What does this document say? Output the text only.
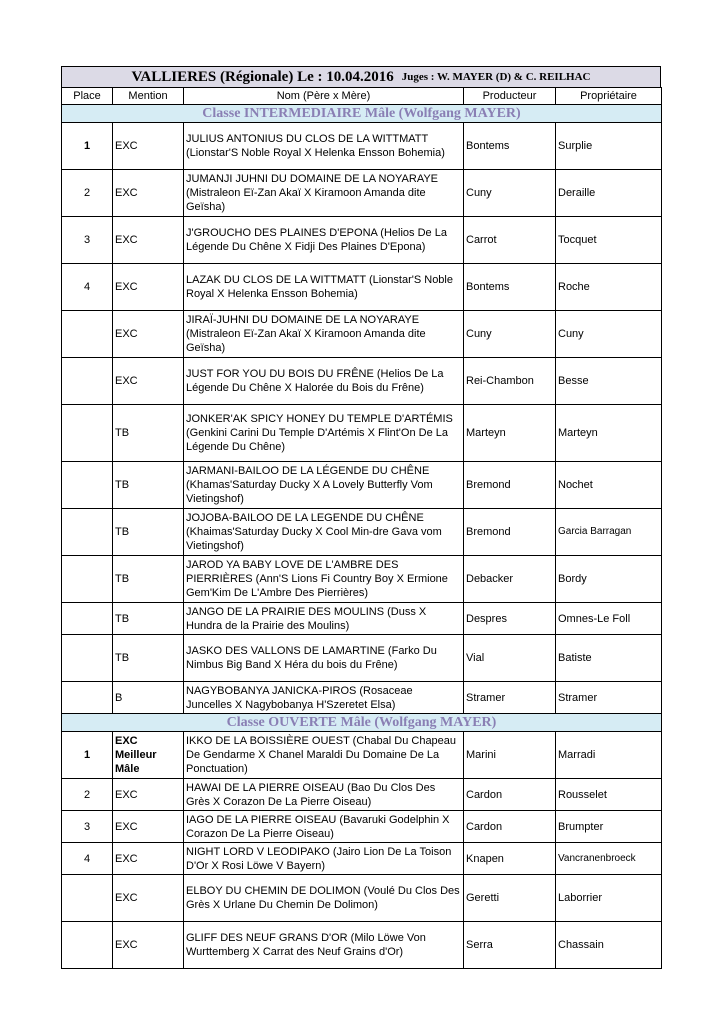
VALLIERES (Régionale) Le : 10.04.2016 Juges : W. MAYER (D) & C. REILHAC
Place	Mention	Nom (Père x Mère)	Producteur	Propriétaire
Classe INTERMEDIAIRE Mâle (Wolfgang MAYER)				
1	EXC	JULIUS ANTONIUS DU CLOS DE LA WITTMATT (Lionstar'S Noble Royal X Helenka Ensson Bohemia)	Bontems	Surplie
2	EXC	JUMANJI JUHNI DU DOMAINE DE LA NOYARAYE (Mistraleon Eï-Zan Akaï X Kiramoon Amanda dite Geïsha)	Cuny	Deraille
3	EXC	J'GROUCHO DES PLAINES D'EPONA (Helios De La Légende Du Chêne X Fidji Des Plaines D'Epona)	Carrot	Tocquet
4	EXC	LAZAK DU CLOS DE LA WITTMATT (Lionstar'S Noble Royal X Helenka Ensson Bohemia)	Bontems	Roche
	EXC	JIRAÏ-JUHNI DU DOMAINE DE LA NOYARAYE (Mistraleon Eï-Zan Akaï X Kiramoon Amanda dite Geïsha)	Cuny	Cuny
	EXC	JUST FOR YOU DU BOIS DU FRÊNE (Helios De La Légende Du Chêne X Halorée du Bois du Frêne)	Rei-Chambon	Besse
	TB	JONKER'AK SPICY HONEY DU TEMPLE D'ARTÉMIS (Genkini Carini Du Temple D'Artémis X Flint'On De La Légende Du Chêne)	Marteyn	Marteyn
	TB	JARMANI-BAILOO DE LA LÉGENDE DU CHÊNE (Khamas'Saturday Ducky X A Lovely Butterfly Vom Vietingshof)	Bremond	Nochet
	TB	JOJOBA-BAILOO DE LA LEGENDE DU CHÊNE (Khaimas'Saturday Ducky X Cool Min-dre Gava vom Vietingshof)	Bremond	Garcia Barragan
	TB	JAROD YA BABY LOVE DE L'AMBRE DES PIERRIÈRES (Ann'S Lions Fi Country Boy X Ermione Gem'Kim De L'Ambre Des Pierrières)	Debacker	Bordy
	TB	JANGO DE LA PRAIRIE DES MOULINS (Duss X Hundra de la Prairie des Moulins)	Despres	Omnes-Le Foll
	TB	JASKO DES VALLONS DE LAMARTINE (Farko Du Nimbus Big Band X Héra du bois du Frêne)	Vial	Batiste
	B	NAGYBOBANYA JANICKA-PIROS (Rosaceae Juncelles X Nagybobanya H'Szeretet Elsa)	Stramer	Stramer
Classe OUVERTE Mâle (Wolfgang MAYER)				
1	EXC Meilleur Mâle	IKKO DE LA BOISSIÈRE OUEST (Chabal Du Chapeau De Gendarme X Chanel Maraldi Du Domaine De La Ponctuation)	Marini	Marradi
2	EXC	HAWAI DE LA PIERRE OISEAU (Bao Du Clos Des Grès X Corazon De La Pierre Oiseau)	Cardon	Rousselet
3	EXC	IAGO DE LA PIERRE OISEAU (Bavaruki Godelphin X Corazon De La Pierre Oiseau)	Cardon	Brumpter
4	EXC	NIGHT LORD V LEODIPAKO (Jairo Lion De La Toison D'Or X Rosi Löwe V Bayern)	Knapen	Vancranenbroeck
	EXC	ELBOY DU CHEMIN DE DOLIMON (Voulé Du Clos Des Grès X Urlane Du Chemin De Dolimon)	Geretti	Laborrier
	EXC	GLIFF DES NEUF GRANS D'OR (Milo Löwe Von Wurttemberg X Carrat des Neuf Grains d'Or)	Serra	Chassain
